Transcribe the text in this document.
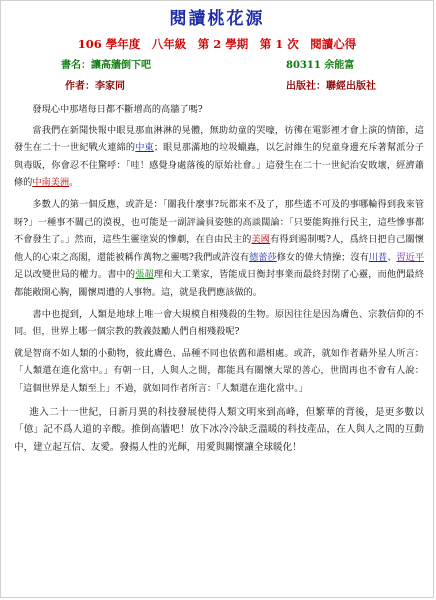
閱讀桃花源
106 學年度　八年級　第 2 學期　第 1 次　閱讀心得
書名：讓高牆倒下吧	80311 余能富
作者：李家同	出版社：聯經出版社

發現心中那堵每日都不斷增高的高牆了嗎?

當我們在新聞快報中眼見那血淋淋的晃體，無助幼童的哭嚎，彷彿在電影裡才會上演的情節，這發生在二十一世紀戰火連綿的中東；眼見那滿地的垃圾蠟蟲，以乞討維生的兒童身邊充斥著幫派分子與毒販，你會忍不住驚呼：「哇！感覺身處落後的原始社會。」這發生在二十一世紀治安敗壞，經濟蕭條的中南美洲。

多數人的第一個反應，或許是：「關我什麼事?玩都來不及了，那些遙不可及的事哪輪得到我來管呀?」一種事不關己的漠視，也可能是一副評論員姿態的高談闊論：「只要能夠推行民主，這些慘事都不會發生了。」然而，這些生靈塗炭的慘劇，在自由民主的美國有得到遏制嗎?人，爲終日把自己關懷他人的心束之高閣，還能被稱作萬物之靈嗎?我們或許沒有德蕾莎修女的偉大情操；沒有川普、習近平足以改變世局的權力。書中的張超理和大工業家，皆能成日衡封事業而最終封閉了心靈，而他們最終都能敞開心胸，關懷周遭的人事物。這，就是我們應該做的。

書中也提到，人類是地球上唯一會大規模自相殘殺的生物。原因往往是因為膚色、宗教信仰的不同。但，世界上哪一個宗教的教義鼓勵人們自相殘殺呢?

就是智商不如人類的小動物，彼此膚色、品種不同也依舊和諧相處。或許，就如作者藉外星人所言：「人類還在進化當中。」有朝一日，人與人之間，都能具有關懷大眾的善心，世間再也不會有人說：「這個世界是人類至上」不過，就如同作者所言：「人類還在進化當中。」

進入二十一世紀，日新月異的科技發展使得人類文明來到高峰，但繁華的背後，是更多數以「億」記不爲人道的辛酸。推倒高牆吧！放下冰冷冷缺乏溫暖的科技產品，在人與人之間的互動中，建立起互信、友愛。發揚人性的光輝，用愛與關懷讓全球暖化！
